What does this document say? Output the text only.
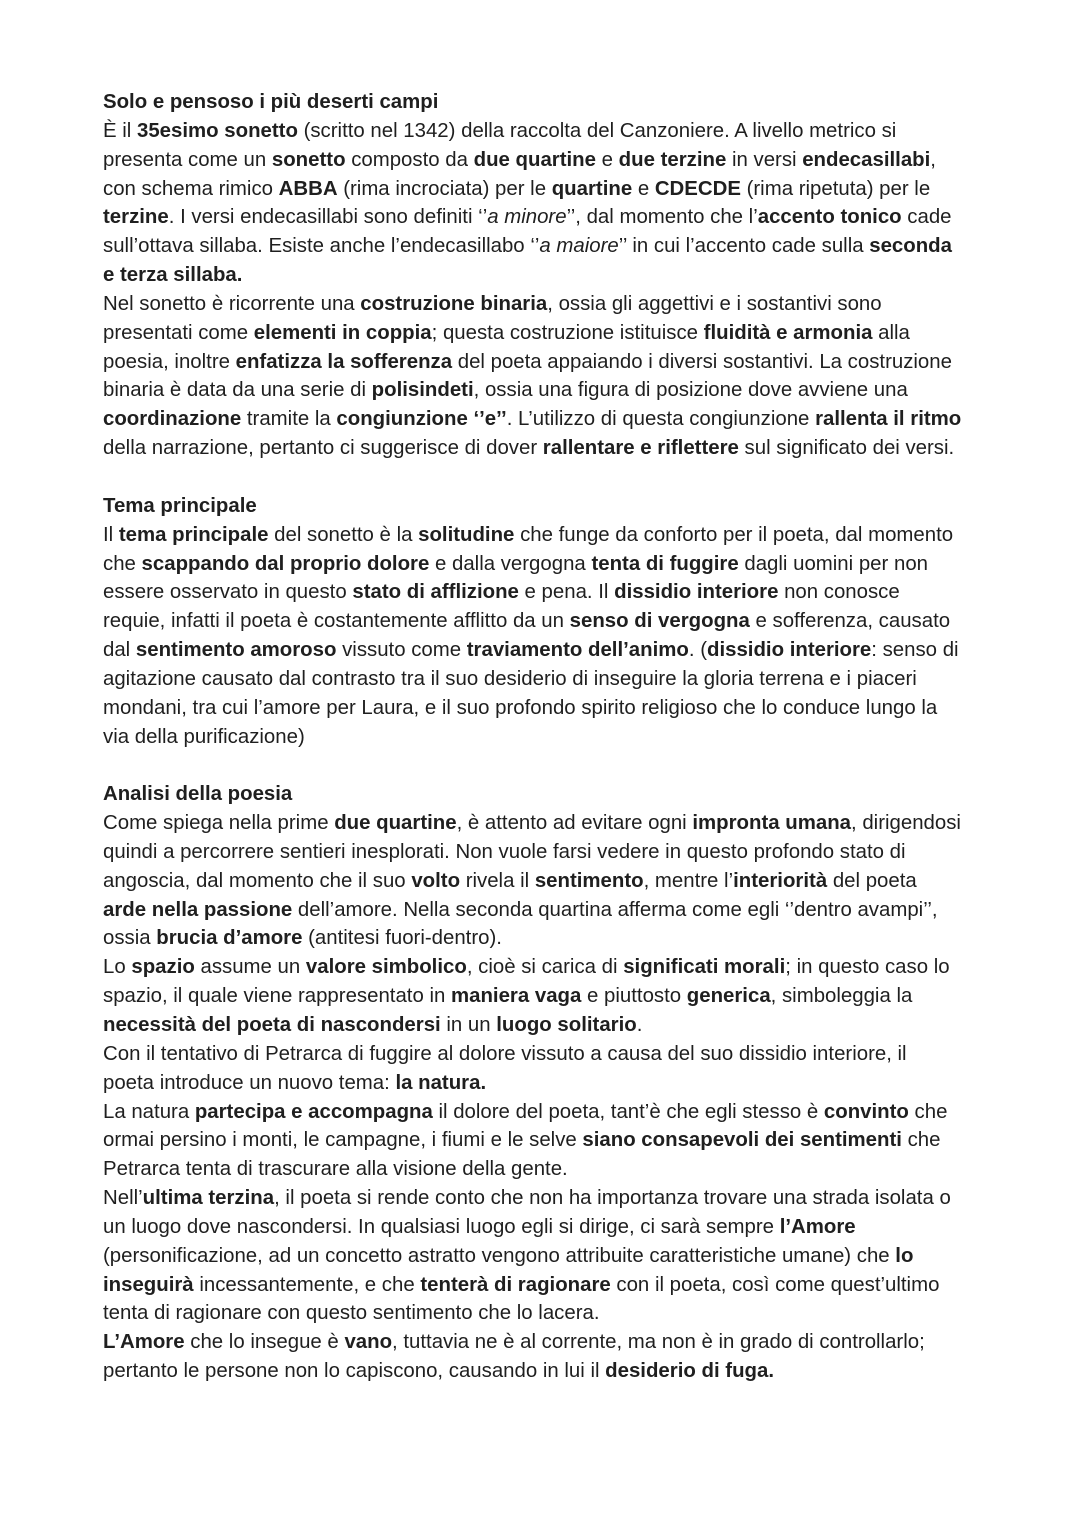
Solo e pensoso i più deserti campi

È il 35esimo sonetto (scritto nel 1342) della raccolta del Canzoniere. A livello metrico si presenta come un sonetto composto da due quartine e due terzine in versi endecasillabi, con schema rimico ABBA (rima incrociata) per le quartine e CDECDE (rima ripetuta) per le terzine. I versi endecasillabi sono definiti ‘’a minore’’, dal momento che l’accento tonico cade sull’ottava sillaba. Esiste anche l’endecasillabo ‘’a maiore’’ in cui l’accento cade sulla seconda e terza sillaba.

Nel sonetto è ricorrente una costruzione binaria, ossia gli aggettivi e i sostantivi sono presentati come elementi in coppia; questa costruzione istituisce fluidità e armonia alla poesia, inoltre enfatizza la sofferenza del poeta appaiando i diversi sostantivi. La costruzione binaria è data da una serie di polisindeti, ossia una figura di posizione dove avviene una coordinazione tramite la congiunzione ‘’e’’. L’utilizzo di questa congiunzione rallenta il ritmo della narrazione, pertanto ci suggerisce di dover rallentare e riflettere sul significato dei versi.

Tema principale

Il tema principale del sonetto è la solitudine che funge da conforto per il poeta, dal momento che scappando dal proprio dolore e dalla vergogna tenta di fuggire dagli uomini per non essere osservato in questo stato di afflizione e pena. Il dissidio interiore non conosce requie, infatti il poeta è costantemente afflitto da un senso di vergogna e sofferenza, causato dal sentimento amoroso vissuto come traviamento dell’animo. (dissidio interiore: senso di agitazione causato dal contrasto tra il suo desiderio di inseguire la gloria terrena e i piaceri mondani, tra cui l’amore per Laura, e il suo profondo spirito religioso che lo conduce lungo la via della purificazione)

Analisi della poesia

Come spiega nella prime due quartine, è attento ad evitare ogni impronta umana, dirigendosi quindi a percorrere sentieri inesplorati. Non vuole farsi vedere in questo profondo stato di angoscia, dal momento che il suo volto rivela il sentimento, mentre l’interiorità del poeta arde nella passione dell’amore. Nella seconda quartina afferma come egli ‘’dentro avampi’’, ossia brucia d’amore (antitesi fuori-dentro).

Lo spazio assume un valore simbolico, cioè si carica di significati morali; in questo caso lo spazio, il quale viene rappresentato in maniera vaga e piuttosto generica, simboleggia la necessità del poeta di nascondersi in un luogo solitario.

Con il tentativo di Petrarca di fuggire al dolore vissuto a causa del suo dissidio interiore, il poeta introduce un nuovo tema: la natura.

La natura partecipa e accompagna il dolore del poeta, tant’è che egli stesso è convinto che ormai persino i monti, le campagne, i fiumi e le selve siano consapevoli dei sentimenti che Petrarca tenta di trascurare alla visione della gente.

Nell’ultima terzina, il poeta si rende conto che non ha importanza trovare una strada isolata o un luogo dove nascondersi. In qualsiasi luogo egli si dirige, ci sarà sempre l’Amore (personificazione, ad un concetto astratto vengono attribuite caratteristiche umane) che lo inseguirà incessantemente, e che tenterà di ragionare con il poeta, così come quest’ultimo tenta di ragionare con questo sentimento che lo lacera.

L’Amore che lo insegue è vano, tuttavia ne è al corrente, ma non è in grado di controllarlo; pertanto le persone non lo capiscono, causando in lui il desiderio di fuga.
